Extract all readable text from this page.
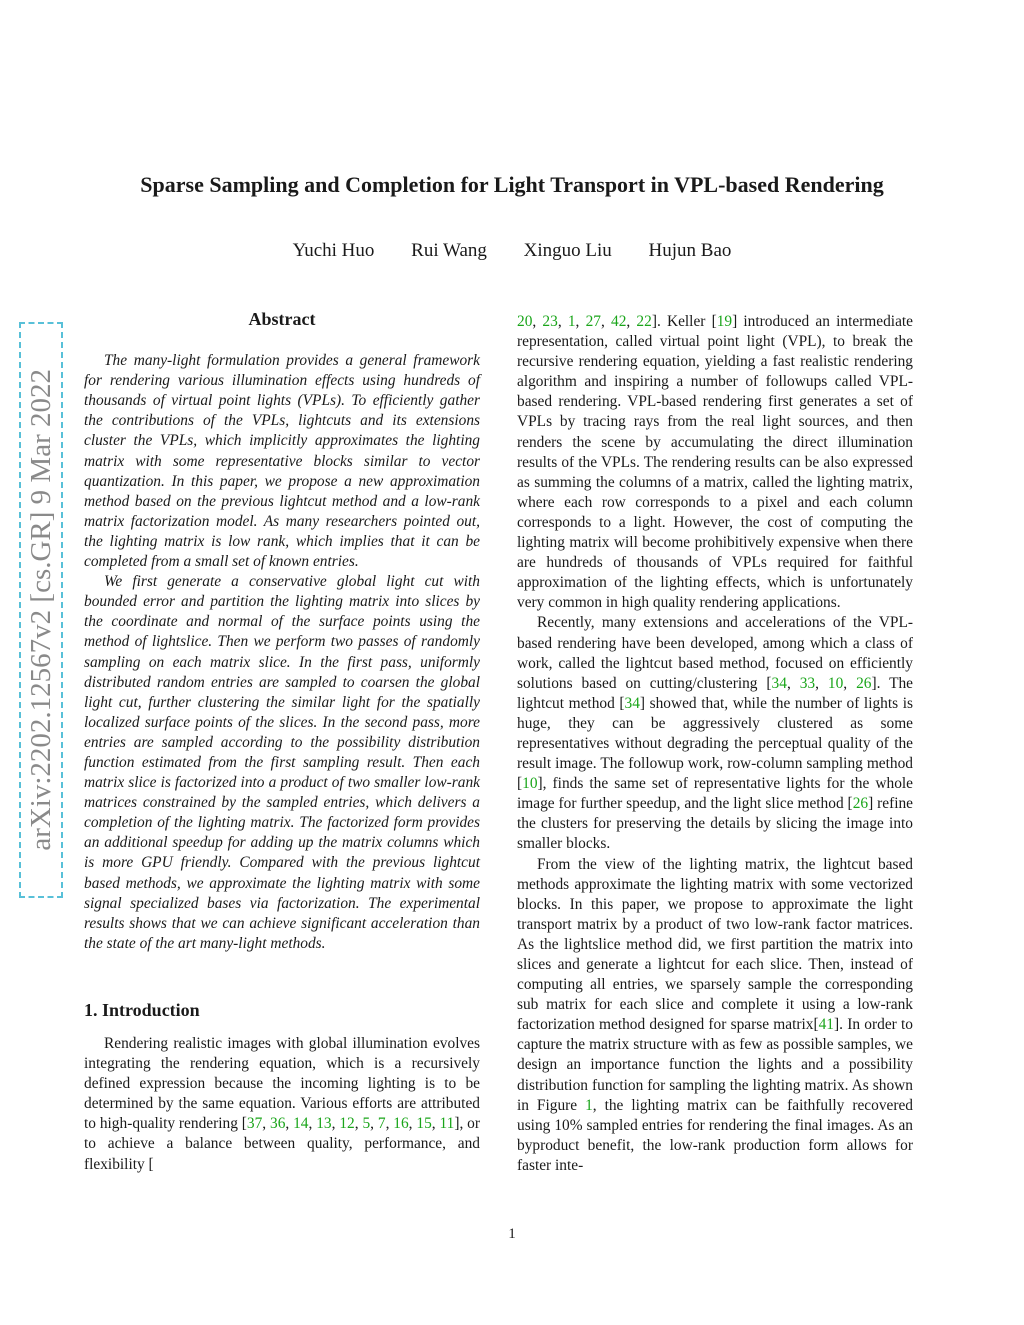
Sparse Sampling and Completion for Light Transport in VPL-based Rendering
Yuchi Huo Rui Wang Xinguo Liu Hujun Bao
arXiv:2202.12567v2 [cs.GR] 9 Mar 2022
Abstract

The many-light formulation provides a general framework for rendering various illumination effects using hundreds of thousands of virtual point lights (VPLs). To efficiently gather the contributions of the VPLs, lightcuts and its extensions cluster the VPLs, which implicitly approximates the lighting matrix with some representative blocks similar to vector quantization. In this paper, we propose a new approximation method based on the previous lightcut method and a low-rank matrix factorization model. As many researchers pointed out, the lighting matrix is low rank, which implies that it can be completed from a small set of known entries.

We first generate a conservative global light cut with bounded error and partition the lighting matrix into slices by the coordinate and normal of the surface points using the method of lightslice. Then we perform two passes of randomly sampling on each matrix slice. In the first pass, uniformly distributed random entries are sampled to coarsen the global light cut, further clustering the similar light for the spatially localized surface points of the slices. In the second pass, more entries are sampled according to the possibility distribution function estimated from the first sampling result. Then each matrix slice is factorized into a product of two smaller low-rank matrices constrained by the sampled entries, which delivers a completion of the lighting matrix. The factorized form provides an additional speedup for adding up the matrix columns which is more GPU friendly. Compared with the previous lightcut based methods, we approximate the lighting matrix with some signal specialized bases via factorization. The experimental results shows that we can achieve significant acceleration than the state of the art many-light methods.

1. Introduction

Rendering realistic images with global illumination evolves integrating the rendering equation, which is a recursively defined expression because the incoming lighting is to be determined by the same equation. Various efforts are attributed to high-quality rendering [37, 36, 14, 13, 12, 5, 7, 16, 15, 11], or to achieve a balance between quality, performance, and flexibility [

20, 23, 1, 27, 42, 22]. Keller [19] introduced an intermediate representation, called virtual point light (VPL), to break the recursive rendering equation, yielding a fast realistic rendering algorithm and inspiring a number of followups called VPL-based rendering. VPL-based rendering first generates a set of VPLs by tracing rays from the real light sources, and then renders the scene by accumulating the direct illumination results of the VPLs. The rendering results can be also expressed as summing the columns of a matrix, called the lighting matrix, where each row corresponds to a pixel and each column corresponds to a light. However, the cost of computing the lighting matrix will become prohibitively expensive when there are hundreds of thousands of VPLs required for faithful approximation of the lighting effects, which is unfortunately very common in high quality rendering applications.

Recently, many extensions and accelerations of the VPL-based rendering have been developed, among which a class of work, called the lightcut based method, focused on efficiently solutions based on cutting/clustering [34, 33, 10, 26]. The lightcut method [34] showed that, while the number of lights is huge, they can be aggressively clustered as some representatives without degrading the perceptual quality of the result image. The followup work, row-column sampling method [10], finds the same set of representative lights for the whole image for further speedup, and the light slice method [26] refine the clusters for preserving the details by slicing the image into smaller blocks.

From the view of the lighting matrix, the lightcut based methods approximate the lighting matrix with some vectorized blocks. In this paper, we propose to approximate the light transport matrix by a product of two low-rank factor matrices. As the lightslice method did, we first partition the matrix into slices and generate a lightcut for each slice. Then, instead of computing all entries, we sparsely sample the corresponding sub matrix for each slice and complete it using a low-rank factorization method designed for sparse matrix[41]. In order to capture the matrix structure with as few as possible samples, we design an importance function the lights and a possibility distribution function for sampling the lighting matrix. As shown in Figure 1, the lighting matrix can be faithfully recovered using 10% sampled entries for rendering the final images. As an byproduct benefit, the low-rank production form allows for faster inte-

1
